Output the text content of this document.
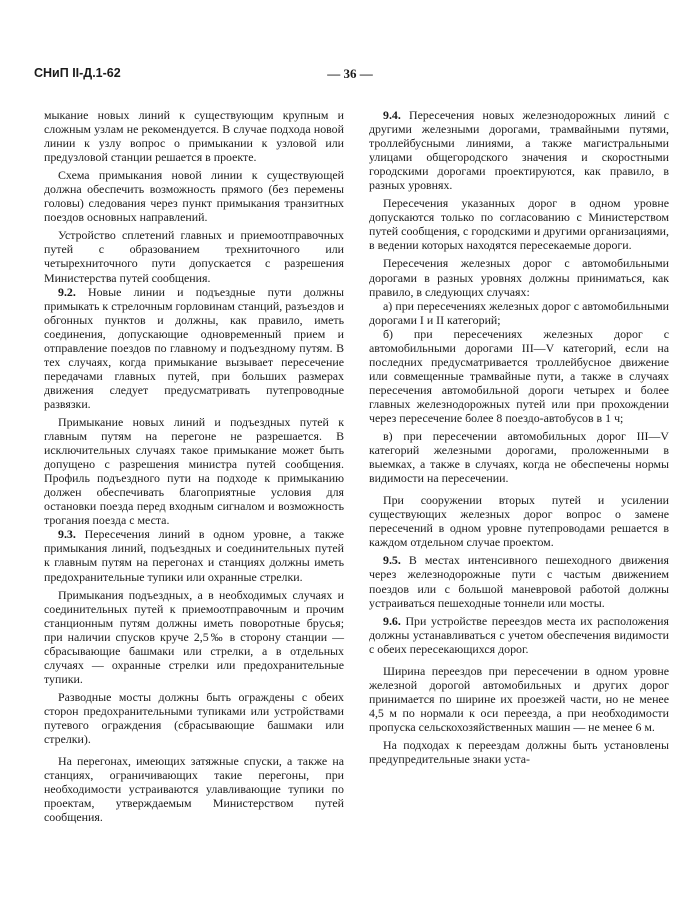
СНиП II-Д.1-62	— 36 —

мыкание новых линий к существующим крупным и сложным узлам не рекомендуется. В случае подхода новой линии к узлу вопрос о примыкании к узловой или предузловой станции решается в проекте.

Схема примыкания новой линии к существующей должна обеспечить возможность прямого (без перемены головы) следования через пункт примыкания транзитных поездов основных направлений.

Устройство сплетений главных и приемоотправочных путей с образованием трехниточного или четырехниточного пути допускается с разрешения Министерства путей сообщения.

9.2. Новые линии и подъездные пути должны примыкать к стрелочным горловинам станций, разъездов и обгонных пунктов и должны, как правило, иметь соединения, допускающие одновременный прием и отправление поездов по главному и подъездному путям. В тех случаях, когда примыкание вызывает пересечение передачами главных путей, при больших размерах движения следует предусматривать путепроводные развязки.

Примыкание новых линий и подъездных путей к главным путям на перегоне не разрешается. В исключительных случаях такое примыкание может быть допущено с разрешения министра путей сообщения. Профиль подъездного пути на подходе к примыканию должен обеспечивать благоприятные условия для остановки поезда перед входным сигналом и возможность трогания поезда с места.

9.3. Пересечения линий в одном уровне, а также примыкания линий, подъездных и соединительных путей к главным путям на перегонах и станциях должны иметь предохранительные тупики или охранные стрелки.

Примыкания подъездных, а в необходимых случаях и соединительных путей к приемоотправочным и прочим станционным путям должны иметь поворотные брусья; при наличии спусков круче 2,5‰ в сторону станции — сбрасывающие башмаки или стрелки, а в отдельных случаях — охранные стрелки или предохранительные тупики.

Разводные мосты должны быть ограждены с обеих сторон предохранительными тупиками или устройствами путевого ограждения (сбрасывающие башмаки или стрелки).

На перегонах, имеющих затяжные спуски, а также на станциях, ограничивающих такие перегоны, при необходимости устраиваются улавливающие тупики по проектам, утверждаемым Министерством путей сообщения.

9.4. Пересечения новых железнодорожных линий с другими железными дорогами, трамвайными путями, троллейбусными линиями, а также магистральными улицами общегородского значения и скоростными городскими дорогами проектируются, как правило, в разных уровнях.

Пересечения указанных дорог в одном уровне допускаются только по согласованию с Министерством путей сообщения, с городскими и другими организациями, в ведении которых находятся пересекаемые дороги.

Пересечения железных дорог с автомобильными дорогами в разных уровнях должны приниматься, как правило, в следующих случаях:

а) при пересечениях железных дорог с автомобильными дорогами I и II категорий;

б) при пересечениях железных дорог с автомобильными дорогами III—V категорий, если на последних предусматривается троллейбусное движение или совмещенные трамвайные пути, а также в случаях пересечения автомобильной дороги четырех и более главных железнодорожных путей или при прохождении через пересечение более 8 поездо-автобусов в 1 ч;

в) при пересечении автомобильных дорог III—V категорий железными дорогами, проложенными в выемках, а также в случаях, когда не обеспечены нормы видимости на пересечении.

При сооружении вторых путей и усилении существующих железных дорог вопрос о замене пересечений в одном уровне путепроводами решается в каждом отдельном случае проектом.

9.5. В местах интенсивного пешеходного движения через железнодорожные пути с частым движением поездов или с большой маневровой работой должны устраиваться пешеходные тоннели или мосты.

9.6. При устройстве переездов места их расположения должны устанавливаться с учетом обеспечения видимости с обеих пересекающихся дорог.

Ширина переездов при пересечении в одном уровне железной дорогой автомобильных и других дорог принимается по ширине их проезжей части, но не менее 4,5 м по нормали к оси переезда, а при необходимости пропуска сельскохозяйственных машин — не менее 6 м.

На подходах к переездам должны быть установлены предупредительные знаки уста-
